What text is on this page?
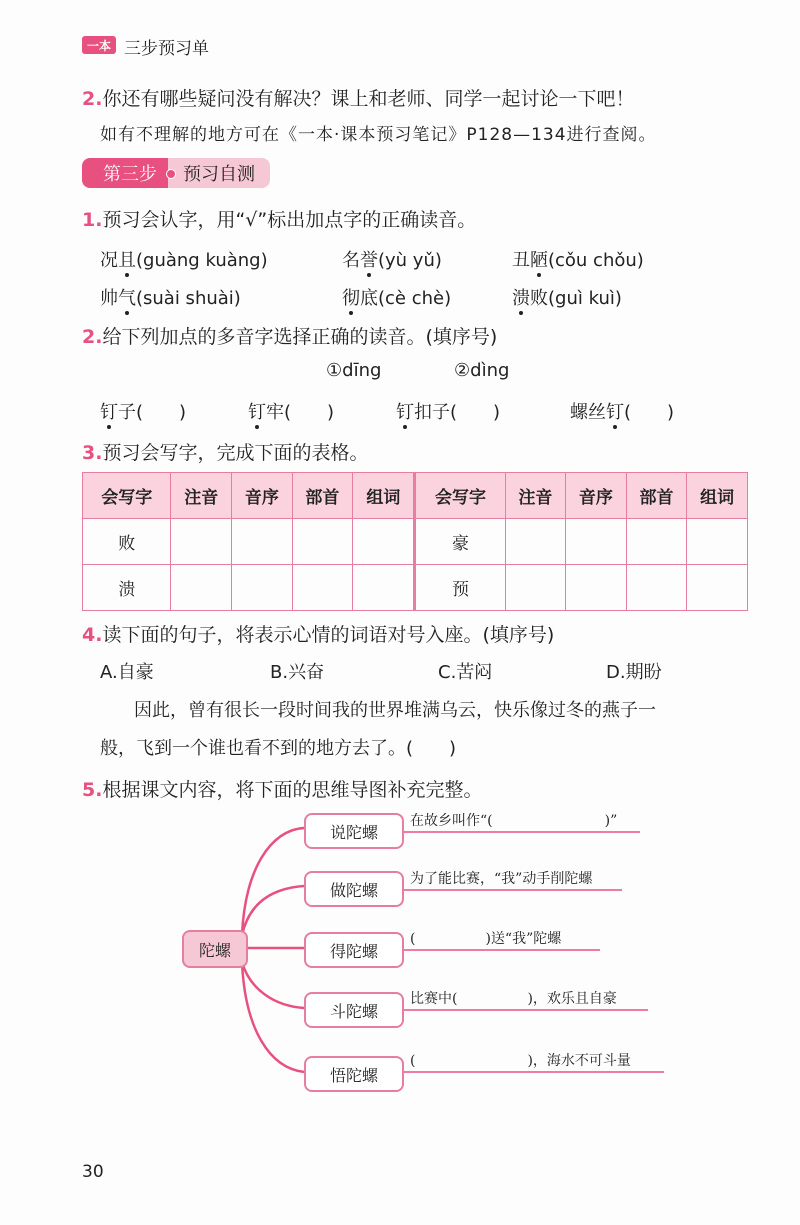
一本 三步预习单
2.你还有哪些疑问没有解决？课上和老师、同学一起讨论一下吧！
如有不理解的地方可在《一本·课本预习笔记》P128—134进行查阅。
第三步	预习自测
1.预习会认字，用“√”标出加点字的正确读音。
况且(guàng kuàng)	名誉(yù yǔ)	丑陋(cǒu chǒu)
帅气(suài shuài)	彻底(cè chè)	溃败(guì kuì)
2.给下列加点的多音字选择正确的读音。(填序号)
①dīng	②dìng
钉子(　　)	钉牢(　　)	钉扣子(　　)	螺丝钉(　　)
3.预习会写字，完成下面的表格。
会写字	注音	音序	部首	组词	会写字	注音	音序	部首	组词
败					豪				
溃					预				
4.读下面的句子，将表示心情的词语对号入座。(填序号)
A.自豪	B.兴奋	C.苦闷	D.期盼
因此，曾有很长一段时间我的世界堆满乌云，快乐像过冬的燕子一
般，飞到一个谁也看不到的地方去了。(　　)
5.根据课文内容，将下面的思维导图补充完整。
陀螺
说陀螺
做陀螺
得陀螺
斗陀螺
悟陀螺
在故乡叫作“(　　　　　　　　)”
为了能比赛，“我”动手削陀螺
(　　　　　)送“我”陀螺
比赛中(　　　　　)，欢乐且自豪
(　　　　　　　　)，海水不可斗量
30
